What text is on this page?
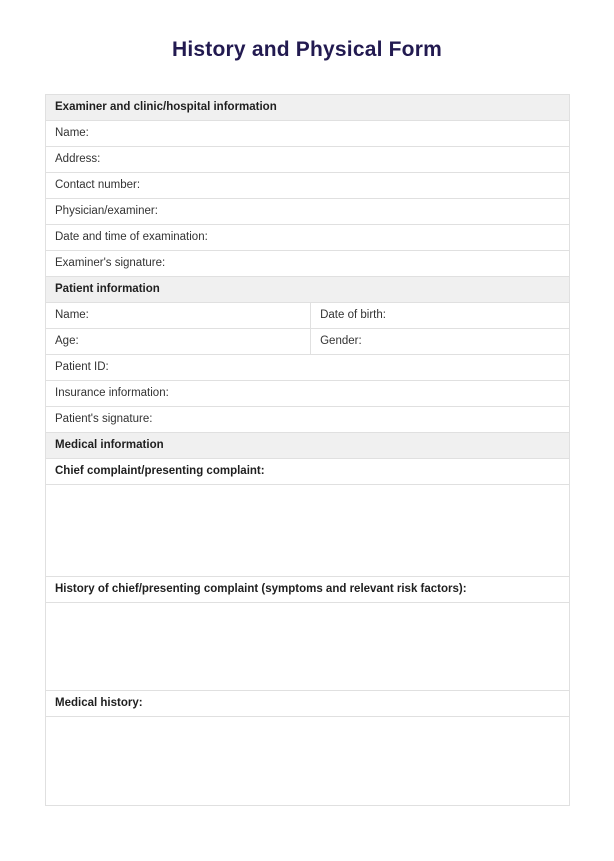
History and Physical Form
Examiner and clinic/hospital information
Name:
Address:
Contact number:
Physician/examiner:
Date and time of examination:
Examiner's signature:
Patient information
Name:	Date of birth:
Age:	Gender:
Patient ID:
Insurance information:
Patient's signature:
Medical information
Chief complaint/presenting complaint:
History of chief/presenting complaint (symptoms and relevant risk factors):
Medical history:
